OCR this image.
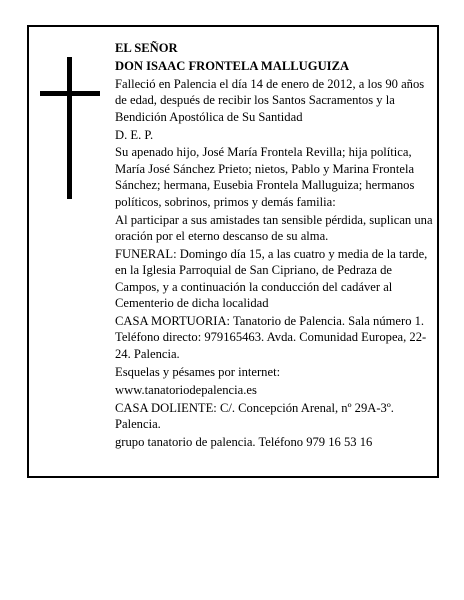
EL SEÑOR

DON ISAAC FRONTELA MALLUGUIZA

Falleció en Palencia el día 14 de enero de 2012, a los 90 años de edad, después de recibir los Santos Sacramentos y la Bendición Apostólica de Su Santidad

D. E. P.

Su apenado hijo, José María Frontela Revilla; hija política, María José Sánchez Prieto; nietos, Pablo y Marina Frontela Sánchez; hermana, Eusebia Frontela Malluguiza; hermanos políticos, sobrinos, primos y demás familia:

Al participar a sus amistades tan sensible pérdida, suplican una oración por el eterno descanso de su alma.

FUNERAL: Domingo día 15, a las cuatro y media de la tarde, en la Iglesia Parroquial de San Cipriano, de Pedraza de Campos, y a continuación la conducción del cadáver al Cementerio de dicha localidad

CASA MORTUORIA: Tanatorio de Palencia. Sala número 1. Teléfono directo: 979165463. Avda. Comunidad Europea, 22-24. Palencia.

Esquelas y pésames por internet:

www.tanatoriodepalencia.es

CASA DOLIENTE: C/. Concepción Arenal, nº 29A-3º. Palencia.

grupo tanatorio de palencia. Teléfono 979 16 53 16
